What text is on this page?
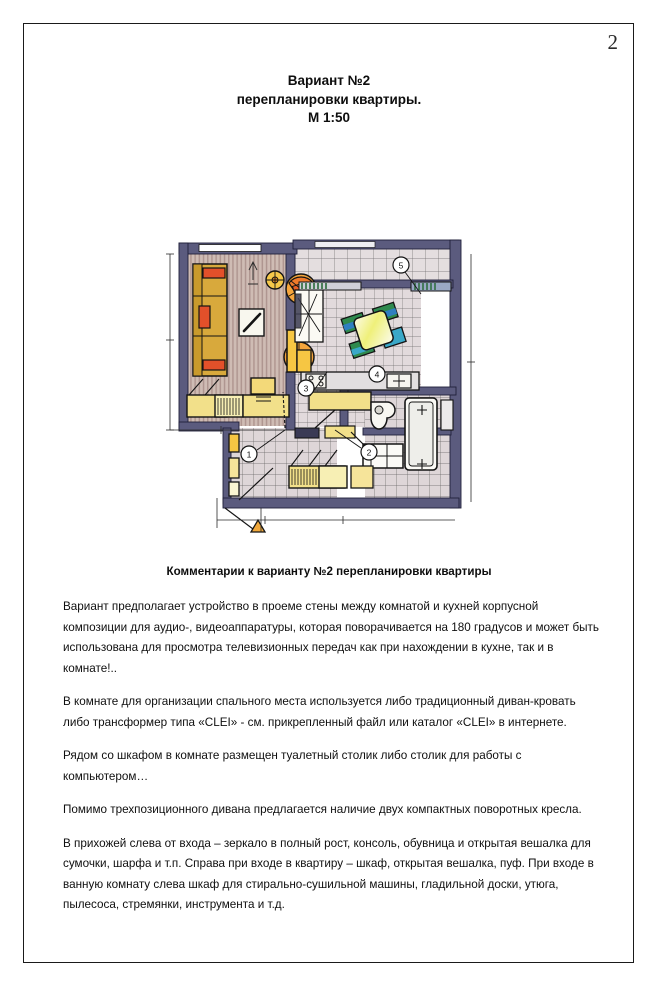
2
Вариант №2
перепланировки квартиры.
М 1:50
1	2
3
4
5
Комментарии к варианту №2 перепланировки квартиры

Вариант предполагает устройство в проеме стены между комнатой и кухней корпусной композиции для аудио-, видеоаппаратуры, которая поворачивается на 180 градусов и может быть использована для просмотра телевизионных передач как при нахождении в кухне, так и в комнате!..

В комнате для организации спального места используется либо традиционный диван-кровать либо трансформер типа «CLEI» - см. прикрепленный файл или каталог «CLEI» в интернете.

Рядом со шкафом в комнате размещен туалетный столик либо столик для работы с компьютером…

Помимо трехпозиционного дивана предлагается наличие двух компактных поворотных кресла.

В прихожей слева от входа – зеркало в полный рост, консоль, обувница и открытая вешалка для сумочки, шарфа и т.п. Справа при входе в квартиру – шкаф, открытая вешалка, пуф. При входе в ванную комнату слева шкаф для стирально-сушильной машины, гладильной доски, утюга, пылесоса, стремянки, инструмента и т.д.
